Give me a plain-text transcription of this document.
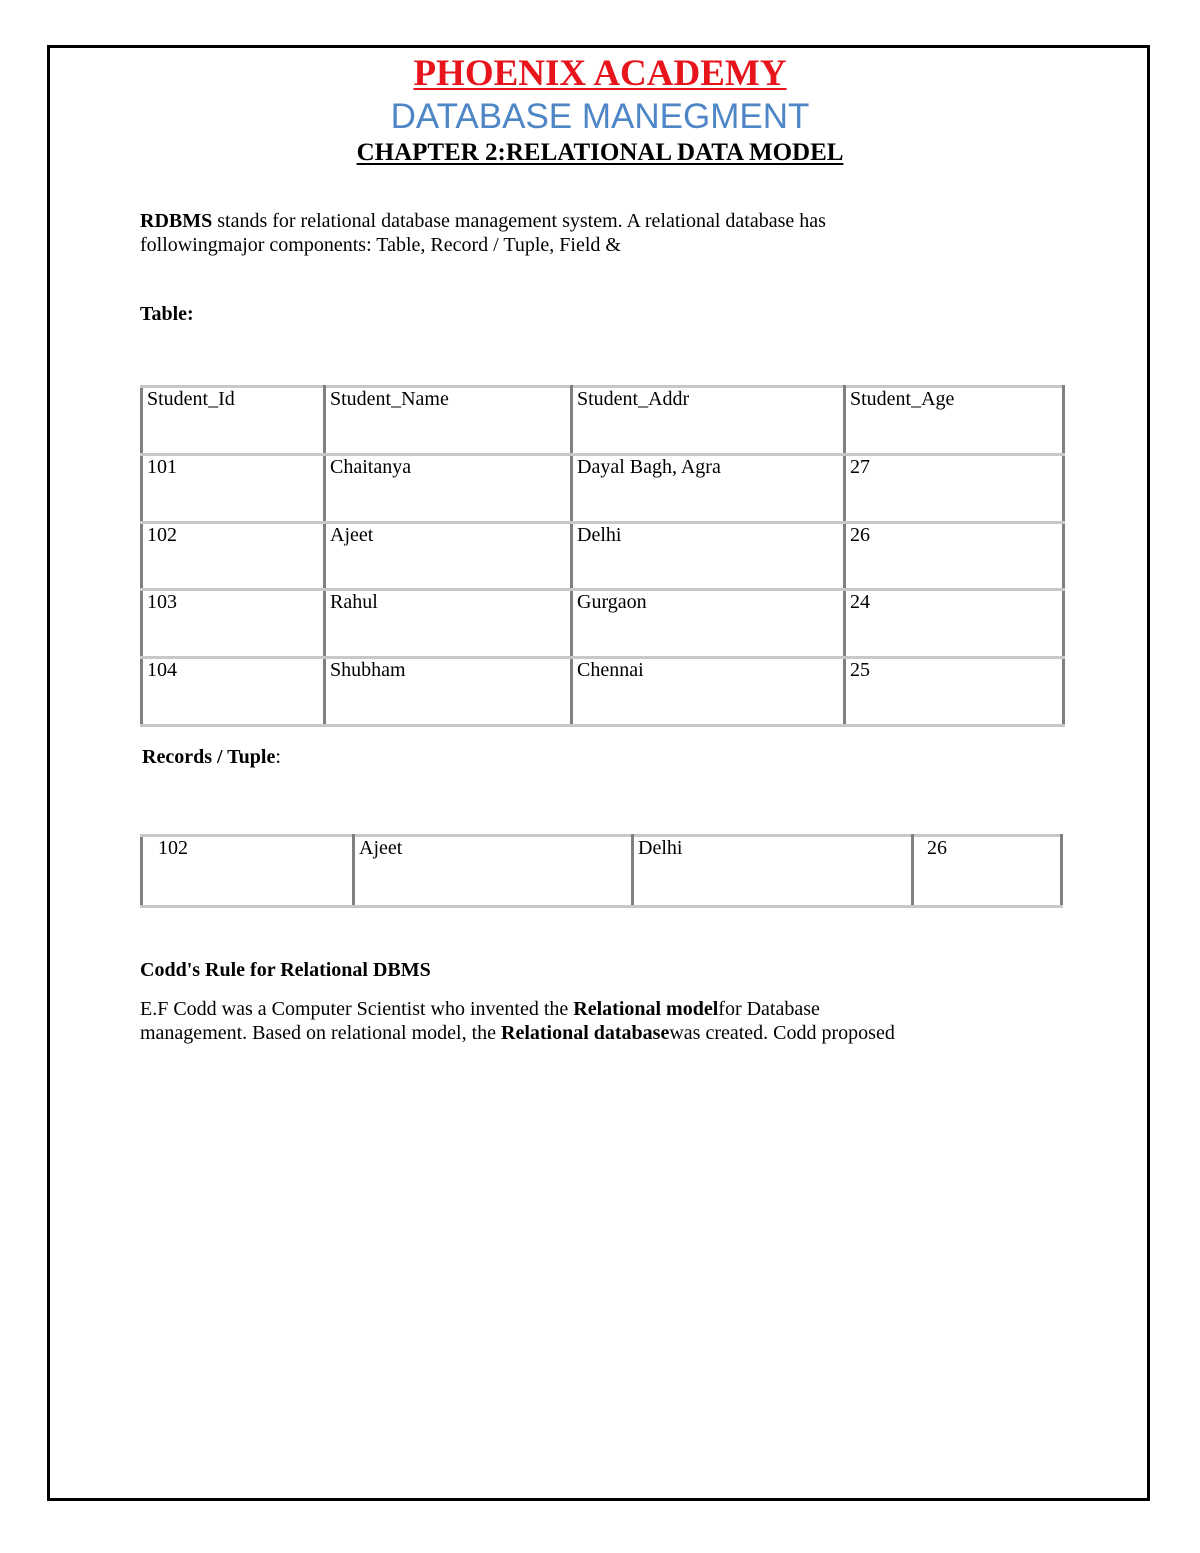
PHOENIX ACADEMY
DATABASE MANEGMENT
CHAPTER 2:RELATIONAL DATA MODEL
RDBMS stands for relational database management system. A relational database has
followingmajor components: Table, Record / Tuple, Field &
Table:
Student_Id	Student_Name	Student_Addr	Student_Age
101	Chaitanya	Dayal Bagh, Agra	27
102	Ajeet	Delhi	26
103	Rahul	Gurgaon	24
104	Shubham	Chennai	25
Records / Tuple:
102	Ajeet	Delhi	26
Codd's Rule for Relational DBMS
E.F Codd was a Computer Scientist who invented the Relational modelfor Database
management. Based on relational model, the Relational databasewas created. Codd proposed
